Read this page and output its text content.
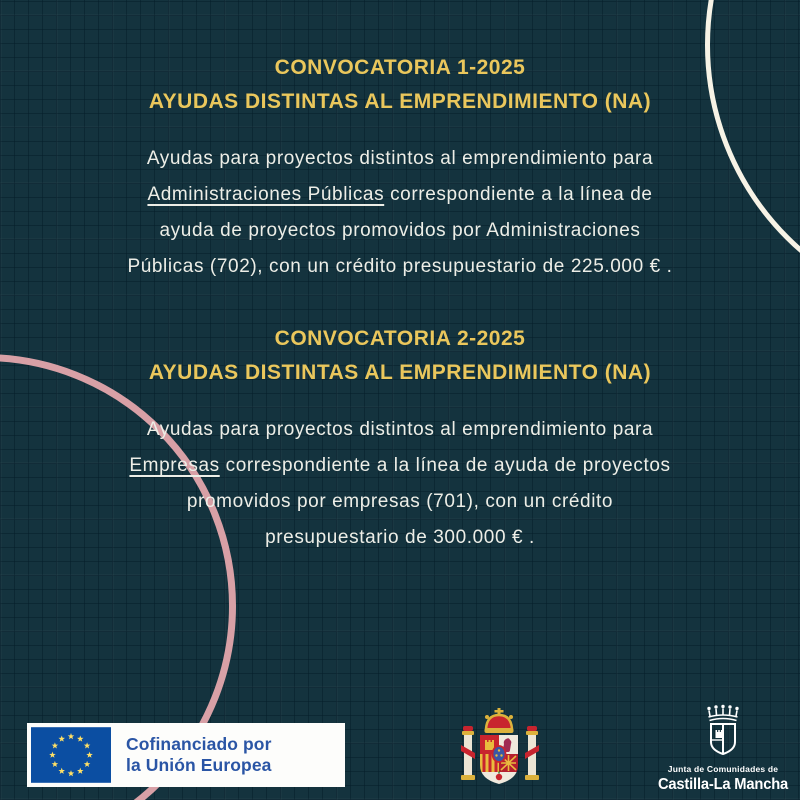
CONVOCATORIA 1-2025
AYUDAS DISTINTAS AL EMPRENDIMIENTO (NA)
Ayudas para proyectos distintos al emprendimiento para
Administraciones Públicas correspondiente a la línea de
ayuda de proyectos promovidos por Administraciones
Públicas (702), con un crédito presupuestario de 225.000 € .
CONVOCATORIA 2-2025
AYUDAS DISTINTAS AL EMPRENDIMIENTO (NA)
Ayudas para proyectos distintos al emprendimiento para
Empresas correspondiente a la línea de ayuda de proyectos
promovidos por empresas (701), con un crédito
presupuestario de 300.000 € .
Cofinanciado por
la Unión Europea	Junta de Comunidades de
Castilla-La Mancha
